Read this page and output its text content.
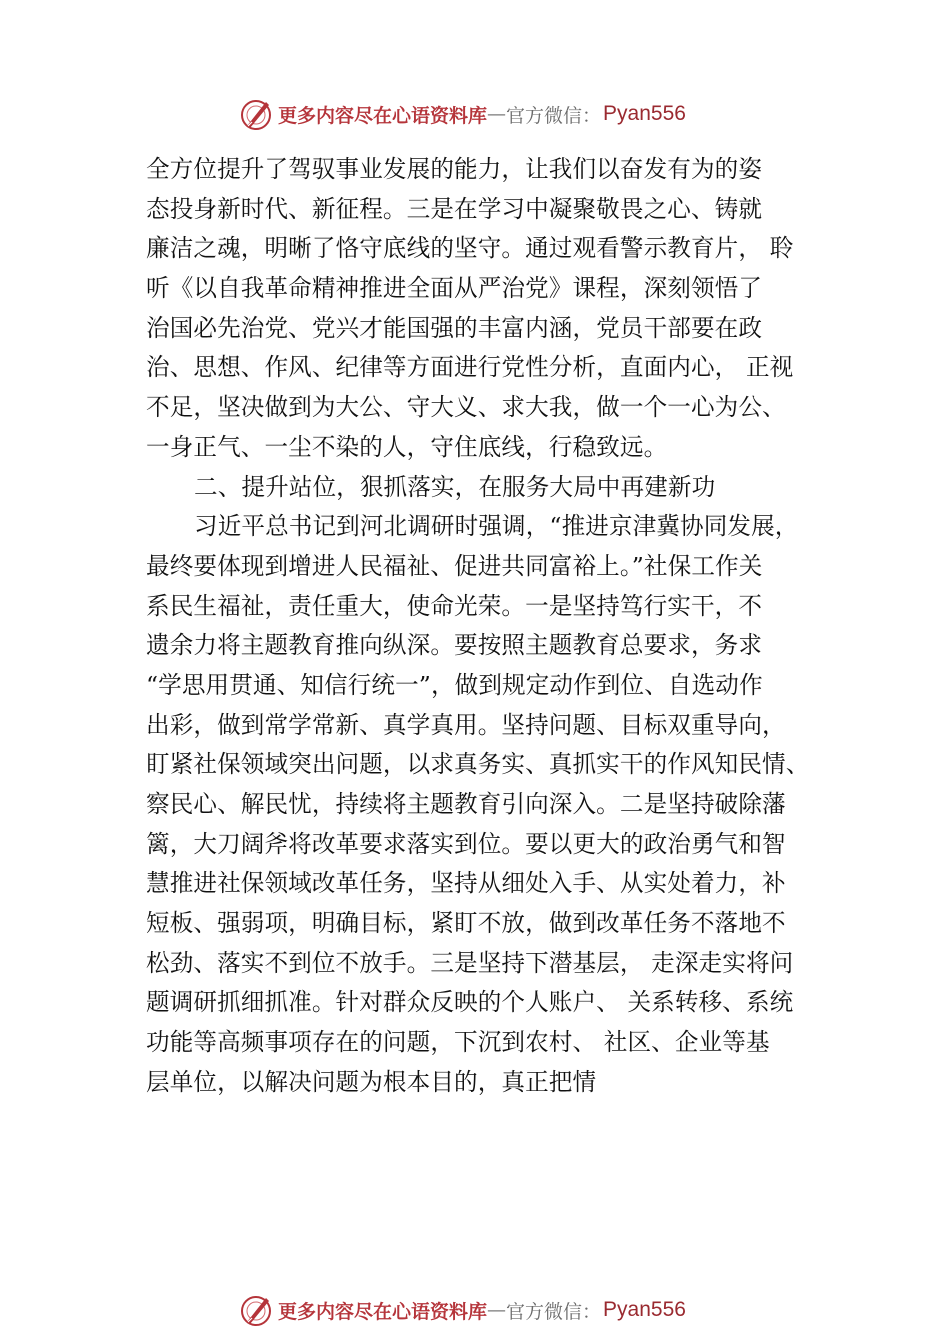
更多内容尽在心语资料库 — 官方微信： Pyan556
全方位提升了驾驭事业发展的能力，让我们以奋发有为的姿
态投身新时代、新征程。三是在学习中凝聚敬畏之心、铸就
廉洁之魂，明晰了恪守底线的坚守。通过观看警示教育片， 聆
听《以自我革命精神推进全面从严治党》课程，深刻领悟了
治国必先治党、党兴才能国强的丰富内涵，党员干部要在政
治、思想、作风、纪律等方面进行党性分析，直面内心， 正视
不足，坚决做到为大公、守大义、求大我，做一个一心为公、
一身正气、一尘不染的人，守住底线，行稳致远。
二、提升站位，狠抓落实，在服务大局中再建新功
习近平总书记到河北调研时强调，“推进京津冀协同发展，
最终要体现到增进人民福祉、促进共同富裕上。”社保工作关
系民生福祉，责任重大，使命光荣。一是坚持笃行实干，不
遗余力将主题教育推向纵深。要按照主题教育总要求，务求
“学思用贯通、知信行统一”，做到规定动作到位、自选动作
出彩，做到常学常新、真学真用。坚持问题、目标双重导向，
盯紧社保领域突出问题，以求真务实、真抓实干的作风知民情、
察民心、解民忧，持续将主题教育引向深入。二是坚持破除藩
篱，大刀阔斧将改革要求落实到位。要以更大的政治勇气和智
慧推进社保领域改革任务，坚持从细处入手、从实处着力，补
短板、强弱项，明确目标，紧盯不放，做到改革任务不落地不
松劲、落实不到位不放手。三是坚持下潜基层， 走深走实将问
题调研抓细抓准。针对群众反映的个人账户、 关系转移、系统
功能等高频事项存在的问题，下沉到农村、 社区、企业等基
层单位，以解决问题为根本目的，真正把情
更多内容尽在心语资料库 — 官方微信： Pyan556
